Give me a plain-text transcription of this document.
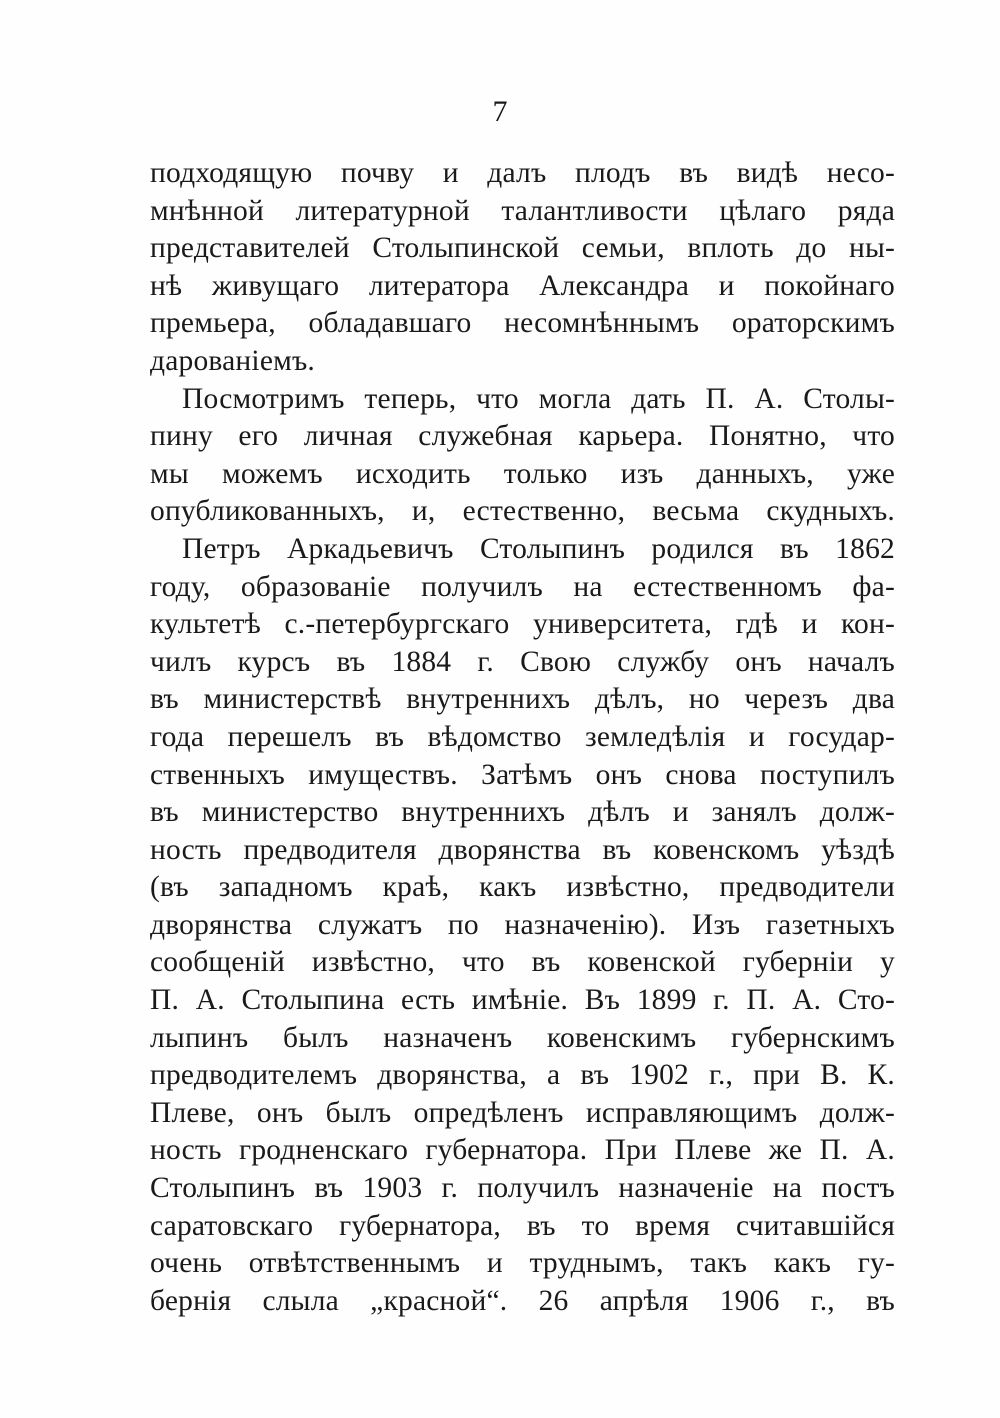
7
подходящую почву и далъ плодъ въ видѣ несо-
мнѣнной литературной талантливости цѣлаго ряда
представителей Столыпинской семьи, вплоть до ны-
нѣ живущаго литератора Александра и покойнаго
премьера, обладавшаго несомнѣннымъ ораторскимъ
дарованіемъ.
Посмотримъ теперь, что могла дать П. А. Столы-
пину его личная служебная карьера. Понятно, что
мы можемъ исходить только изъ данныхъ, уже
опубликованныхъ, и, естественно, весьма скудныхъ.
Петръ Аркадьевичъ Столыпинъ родился въ 1862
году, образованіе получилъ на естественномъ фа-
культетѣ с.-петербургскаго университета, гдѣ и кон-
чилъ курсъ въ 1884 г. Свою службу онъ началъ
въ министерствѣ внутреннихъ дѣлъ, но черезъ два
года перешелъ въ вѣдомство земледѣлія и государ-
ственныхъ имуществъ. Затѣмъ онъ снова поступилъ
въ министерство внутреннихъ дѣлъ и занялъ долж-
ность предводителя дворянства въ ковенскомъ уѣздѣ
(въ западномъ краѣ, какъ извѣстно, предводители
дворянства служатъ по назначенію). Изъ газетныхъ
сообщеній извѣстно, что въ ковенской губерніи у
П. А. Столыпина есть имѣніе. Въ 1899 г. П. А. Сто-
лыпинъ былъ назначенъ ковенскимъ губернскимъ
предводителемъ дворянства, а въ 1902 г., при В. К.
Плеве, онъ былъ опредѣленъ исправляющимъ долж-
ность гродненскаго губернатора. При Плеве же П. А.
Столыпинъ въ 1903 г. получилъ назначеніе на постъ
саратовскаго губернатора, въ то время считавшійся
очень отвѣтственнымъ и труднымъ, такъ какъ гу-
бернія слыла „красной“. 26 апрѣля 1906 г., въ
